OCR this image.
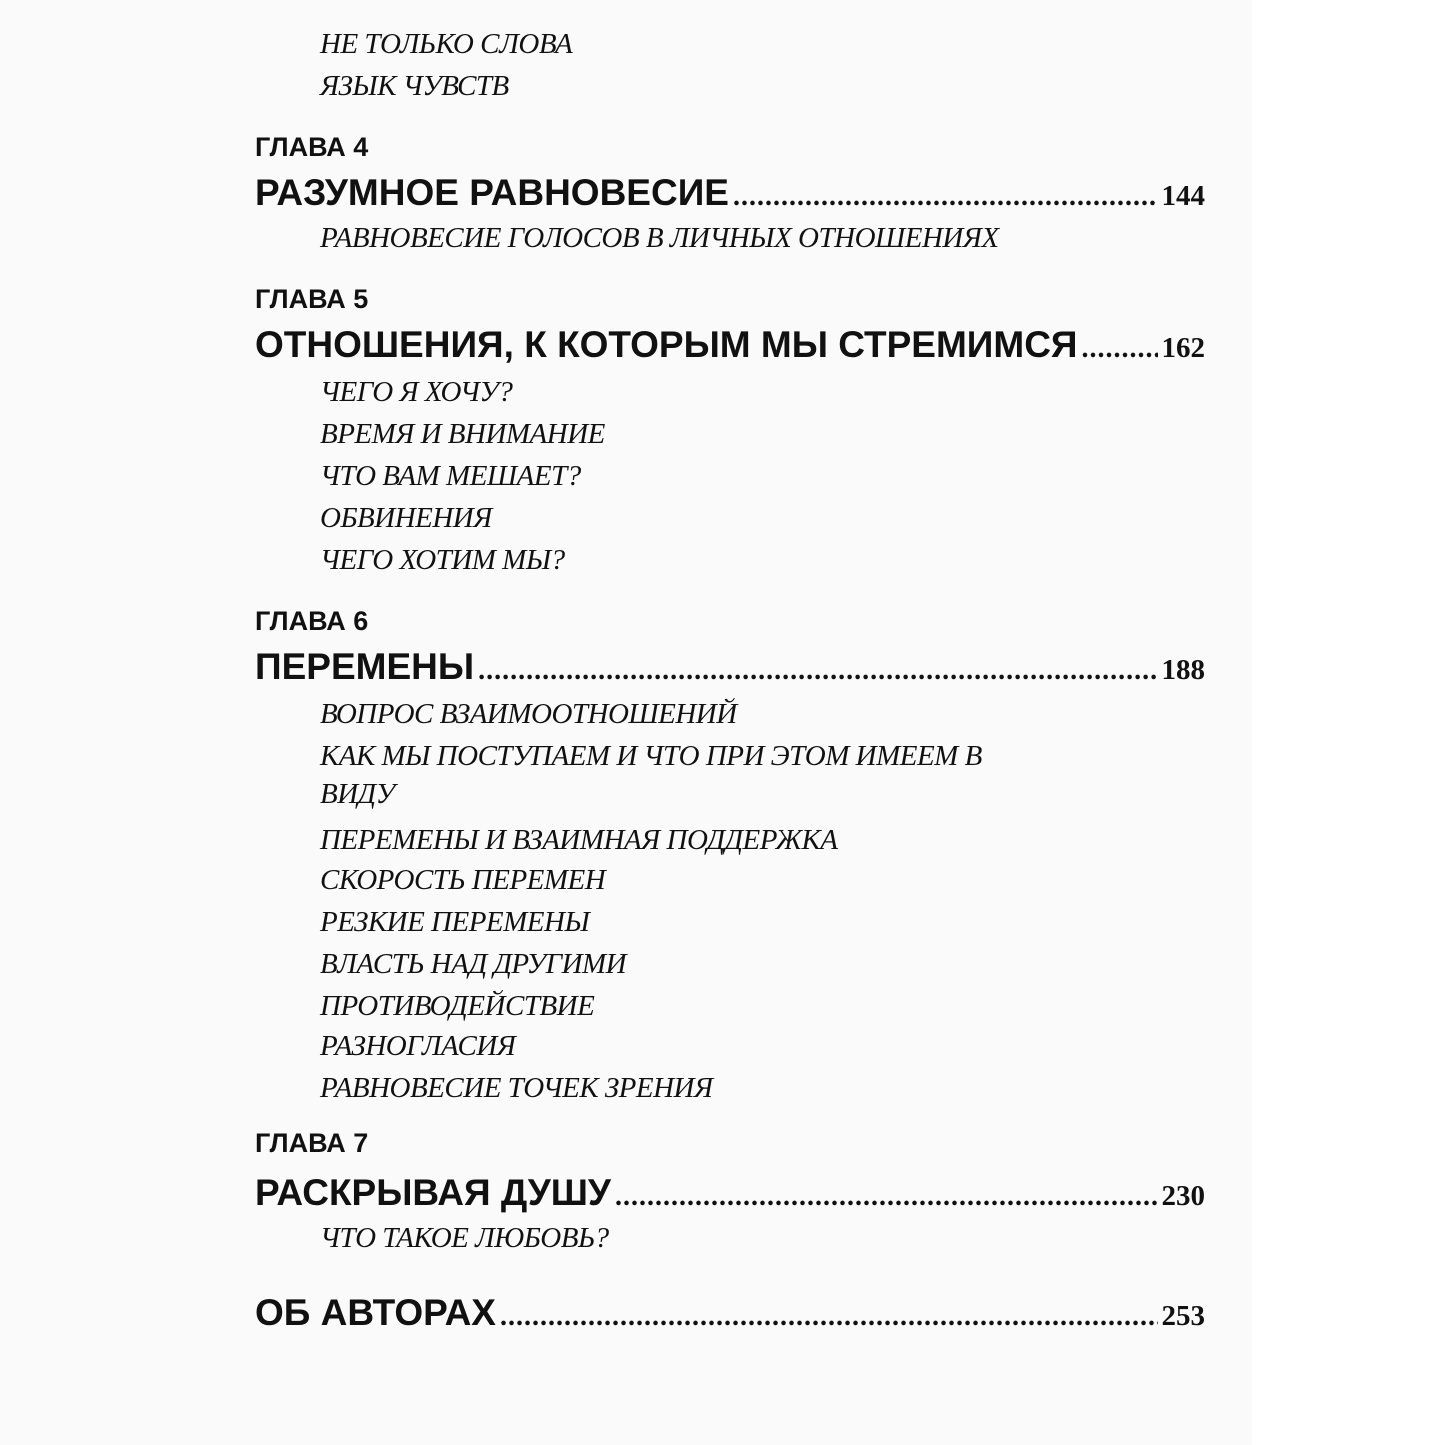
НЕ ТОЛЬКО СЛОВА
ЯЗЫК ЧУВСТВ
ГЛАВА 4
РАЗУМНОЕ РАВНОВЕСИЕ .....	144
РАВНОВЕСИЕ ГОЛОСОВ В ЛИЧНЫХ ОТНОШЕНИЯХ
ГЛАВА 5
ОТНОШЕНИЯ, К КОТОРЫМ МЫ СТРЕМИМСЯ .....	162
ЧЕГО Я ХОЧУ?
ВРЕМЯ И ВНИМАНИЕ
ЧТО ВАМ МЕШАЕТ?
ОБВИНЕНИЯ
ЧЕГО ХОТИМ МЫ?
ГЛАВА 6
ПЕРЕМЕНЫ .....	188
ВОПРОС ВЗАИМООТНОШЕНИЙ
КАК МЫ ПОСТУПАЕМ И ЧТО ПРИ ЭТОМ ИМЕЕМ В
ВИДУ
ПЕРЕМЕНЫ И ВЗАИМНАЯ ПОДДЕРЖКА
СКОРОСТЬ ПЕРЕМЕН
РЕЗКИЕ ПЕРЕМЕНЫ
ВЛАСТЬ НАД ДРУГИМИ
ПРОТИВОДЕЙСТВИЕ
РАЗНОГЛАСИЯ
РАВНОВЕСИЕ ТОЧЕК ЗРЕНИЯ
ГЛАВА 7
РАСКРЫВАЯ ДУШУ .....	230
ЧТО ТАКОЕ ЛЮБОВЬ?
ОБ АВТОРАХ .....	253
